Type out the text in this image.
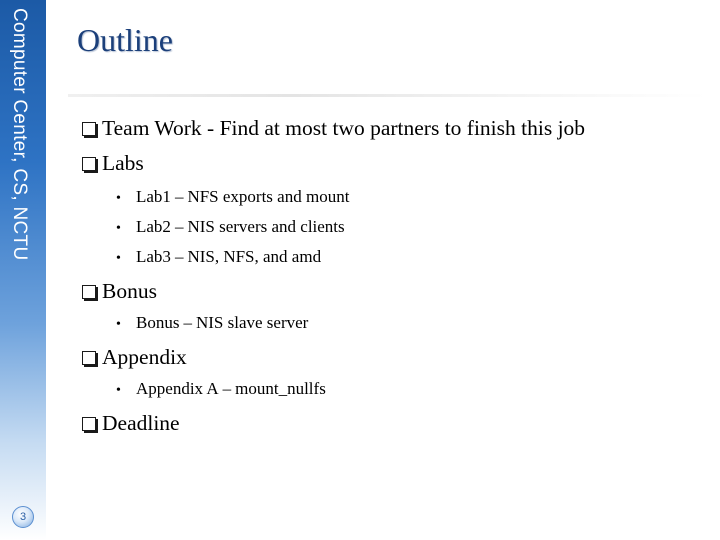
Computer Center, CS, NCTU
3
Outline
Team Work - Find at most two partners to finish this job
Labs
• Lab1 – NFS exports and mount
• Lab2 – NIS servers and clients
• Lab3 – NIS, NFS, and amd
Bonus
• Bonus – NIS slave server
Appendix
• Appendix A – mount_nullfs
Deadline
